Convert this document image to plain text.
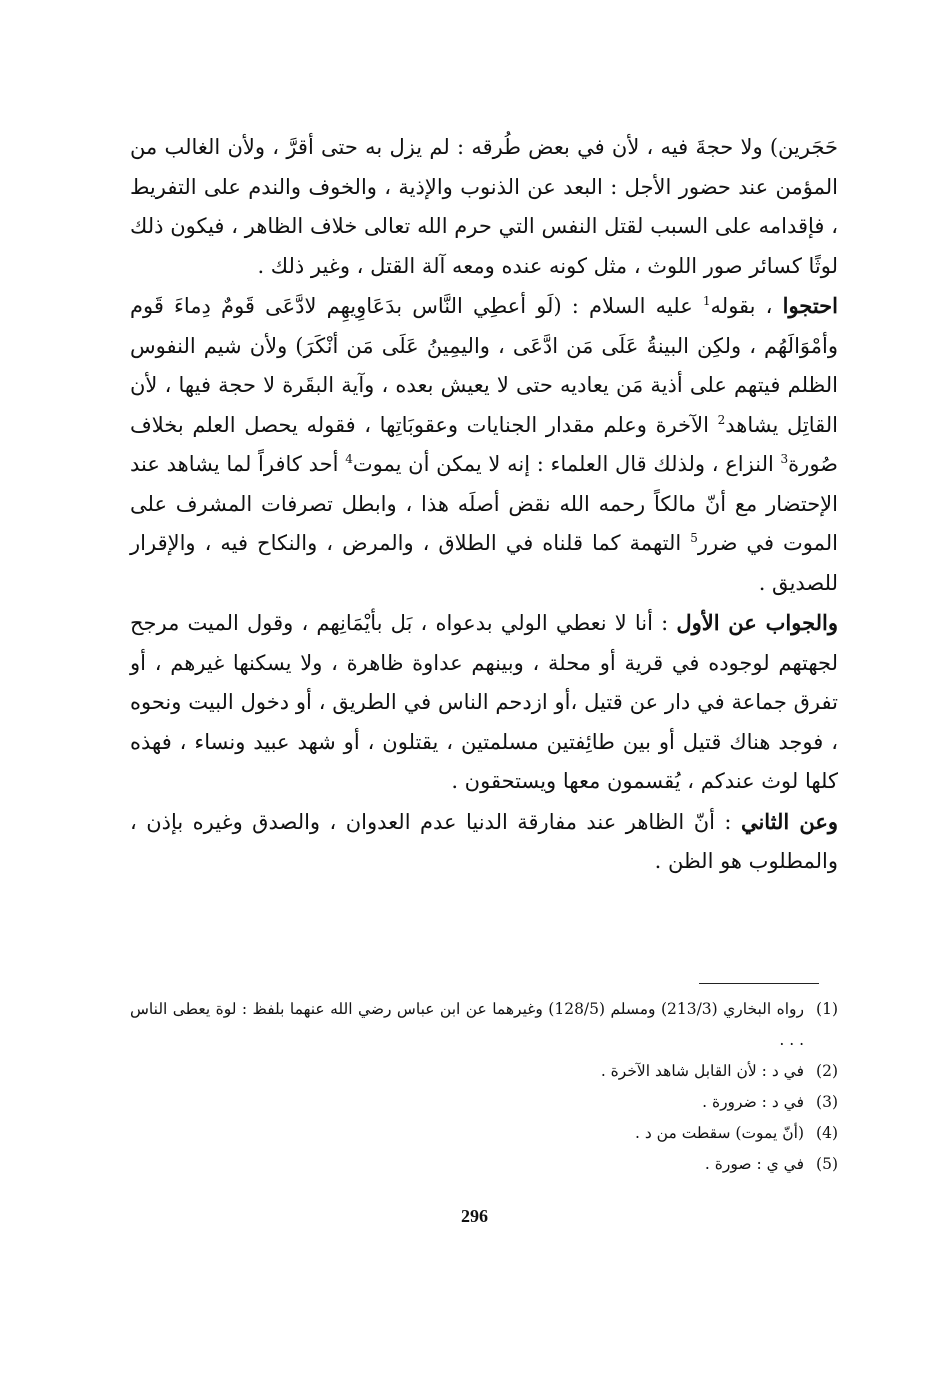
حَجَرين) ولا حجةَ فيه ، لأن في بعض طُرقه : لم يزل به حتى أقرَّ ، ولأن الغالب من المؤمن عند حضور الأجل : البعد عن الذنوب والإذية ، والخوف والندم على التفريط ، فإقدامه على السبب لقتل النفس التي حرم الله تعالى خلاف الظاهر ، فيكون ذلك لوثًا كسائر صور اللوث ، مثل كونه عنده ومعه آلة القتل ، وغير ذلك .

احتجوا ، بقوله$^1$ عليه السلام : (لَو أعطِي النَّاس بدَعَاوِيهِم لادَّعَى قَومٌ دِماءَ قَوم وأمْوَالَهُم ، ولكِن البينةُ عَلَى مَن ادَّعَى ، واليمِينُ عَلَى مَن أنْكَرَ) ولأن شيم النفوس الظلم فيتهم على أذية مَن يعاديه حتى لا يعيش بعده ، وآية البقَرة لا حجة فيها ، لأن القاتِل يشاهد$^2$ الآخرة وعلم مقدار الجنايات وعقوبَاتِها ، فقوله يحصل العلم بخلاف صُورة$^3$ النزاع ، ولذلك قال العلماء : إنه لا يمكن أن يموت$^4$ أحد كافراً لما يشاهد عند الإحتضار مع أنّ مالكاً رحمه الله نقض أصلَه هذا ، وابطل تصرفات المشرف على الموت في ضرر$^5$ التهمة كما قلناه في الطلاق ، والمرض ، والنكاح فيه ، والإقرار للصديق .

والجواب عن الأول : أنا لا نعطي الولي بدعواه ، بَل بأيْمَانِهم ، وقول الميت مرجح لجهتهم لوجوده في قرية أو محلة ، وبينهم عداوة ظاهرة ، ولا يسكنها غيرهم ، أو تفرق جماعة في دار عن قتيل ،أو ازدحم الناس في الطريق ، أو دخول البيت ونحوه ، فوجد هناك قتيل أو بين طائِفتين مسلمتين ، يقتلون ، أو شهد عبيد ونساء ، فهذه كلها لوث عندكم ، يُقسمون معها ويستحقون .

وعن الثاني : أنّ الظاهر عند مفارقة الدنيا عدم العدوان ، والصدق وغيره بإذن ، والمطلوب هو الظن .

(1)
رواه البخاري (213/3) ومسلم (128/5) وغيرهما عن ابن عباس رضي الله عنهما بلفظ : لوة يعطى الناس . . .
(2)
في د : لأن القابل شاهد الآخرة .
(3)
في د : ضرورة .
(4)
(أنّ يموت) سقطت من د .
(5)
في ي : صورة .
296
